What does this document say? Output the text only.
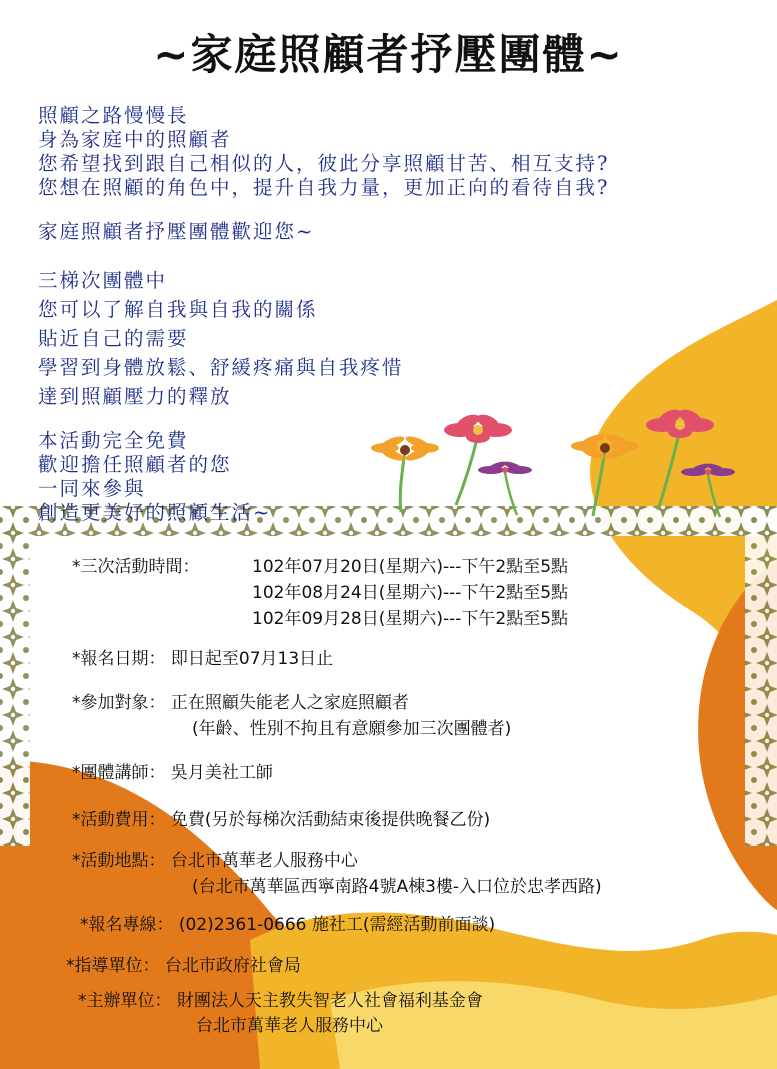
~家庭照顧者抒壓團體~
照顧之路慢慢長
身為家庭中的照顧者
您希望找到跟自己相似的人，彼此分享照顧甘苦、相互支持?
您想在照顧的角色中，提升自我力量，更加正向的看待自我?
家庭照顧者抒壓團體歡迎您~
三梯次團體中
您可以了解自我與自我的關係
貼近自己的需要
學習到身體放鬆、舒緩疼痛與自我疼惜
達到照顧壓力的釋放
本活動完全免費
歡迎擔任照顧者的您
一同來參與
創造更美好的照顧生活~
*三次活動時間：	102年07月20日(星期六)---下午2點至5點
102年08月24日(星期六)---下午2點至5點
102年09月28日(星期六)---下午2點至5點
*報名日期： 即日起至07月13日止
*參加對象： 正在照顧失能老人之家庭照顧者
(年齡、性別不拘且有意願參加三次團體者)
*團體講師： 吳月美社工師
*活動費用： 免費(另於每梯次活動結束後提供晚餐乙份)
*活動地點： 台北市萬華老人服務中心
(台北市萬華區西寧南路4號A棟3樓-入口位於忠孝西路)
*報名專線： (02)2361-0666 施社工(需經活動前面談)
*指導單位： 台北市政府社會局
*主辦單位： 財團法人天主教失智老人社會福利基金會
台北市萬華老人服務中心
